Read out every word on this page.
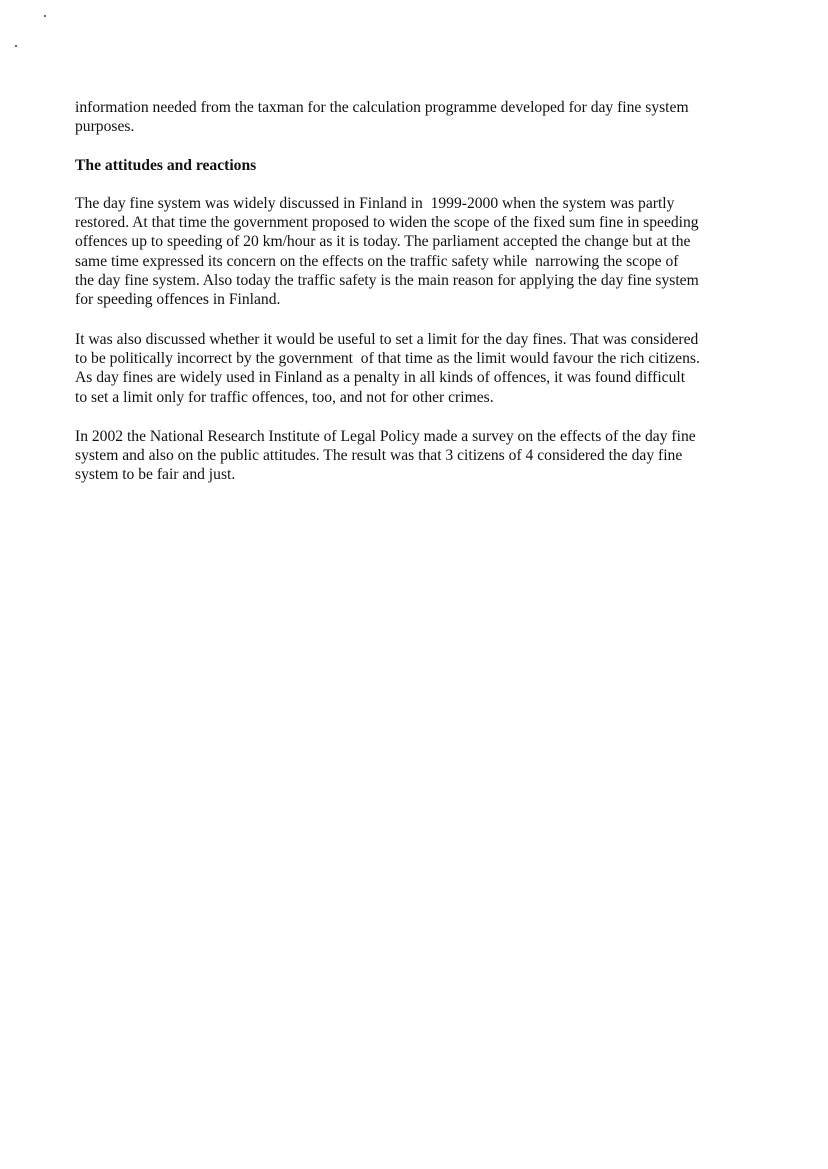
information needed from the taxman for the calculation programme developed for day fine system
purposes.
The attitudes and reactions
The day fine system was widely discussed in Finland in  1999-2000 when the system was partly
restored. At that time the government proposed to widen the scope of the fixed sum fine in speeding
offences up to speeding of 20 km/hour as it is today. The parliament accepted the change but at the
same time expressed its concern on the effects on the traffic safety while  narrowing the scope of
the day fine system. Also today the traffic safety is the main reason for applying the day fine system
for speeding offences in Finland.
It was also discussed whether it would be useful to set a limit for the day fines. That was considered
to be politically incorrect by the government  of that time as the limit would favour the rich citizens.
As day fines are widely used in Finland as a penalty in all kinds of offences, it was found difficult
to set a limit only for traffic offences, too, and not for other crimes.
In 2002 the National Research Institute of Legal Policy made a survey on the effects of the day fine
system and also on the public attitudes. The result was that 3 citizens of 4 considered the day fine
system to be fair and just.
